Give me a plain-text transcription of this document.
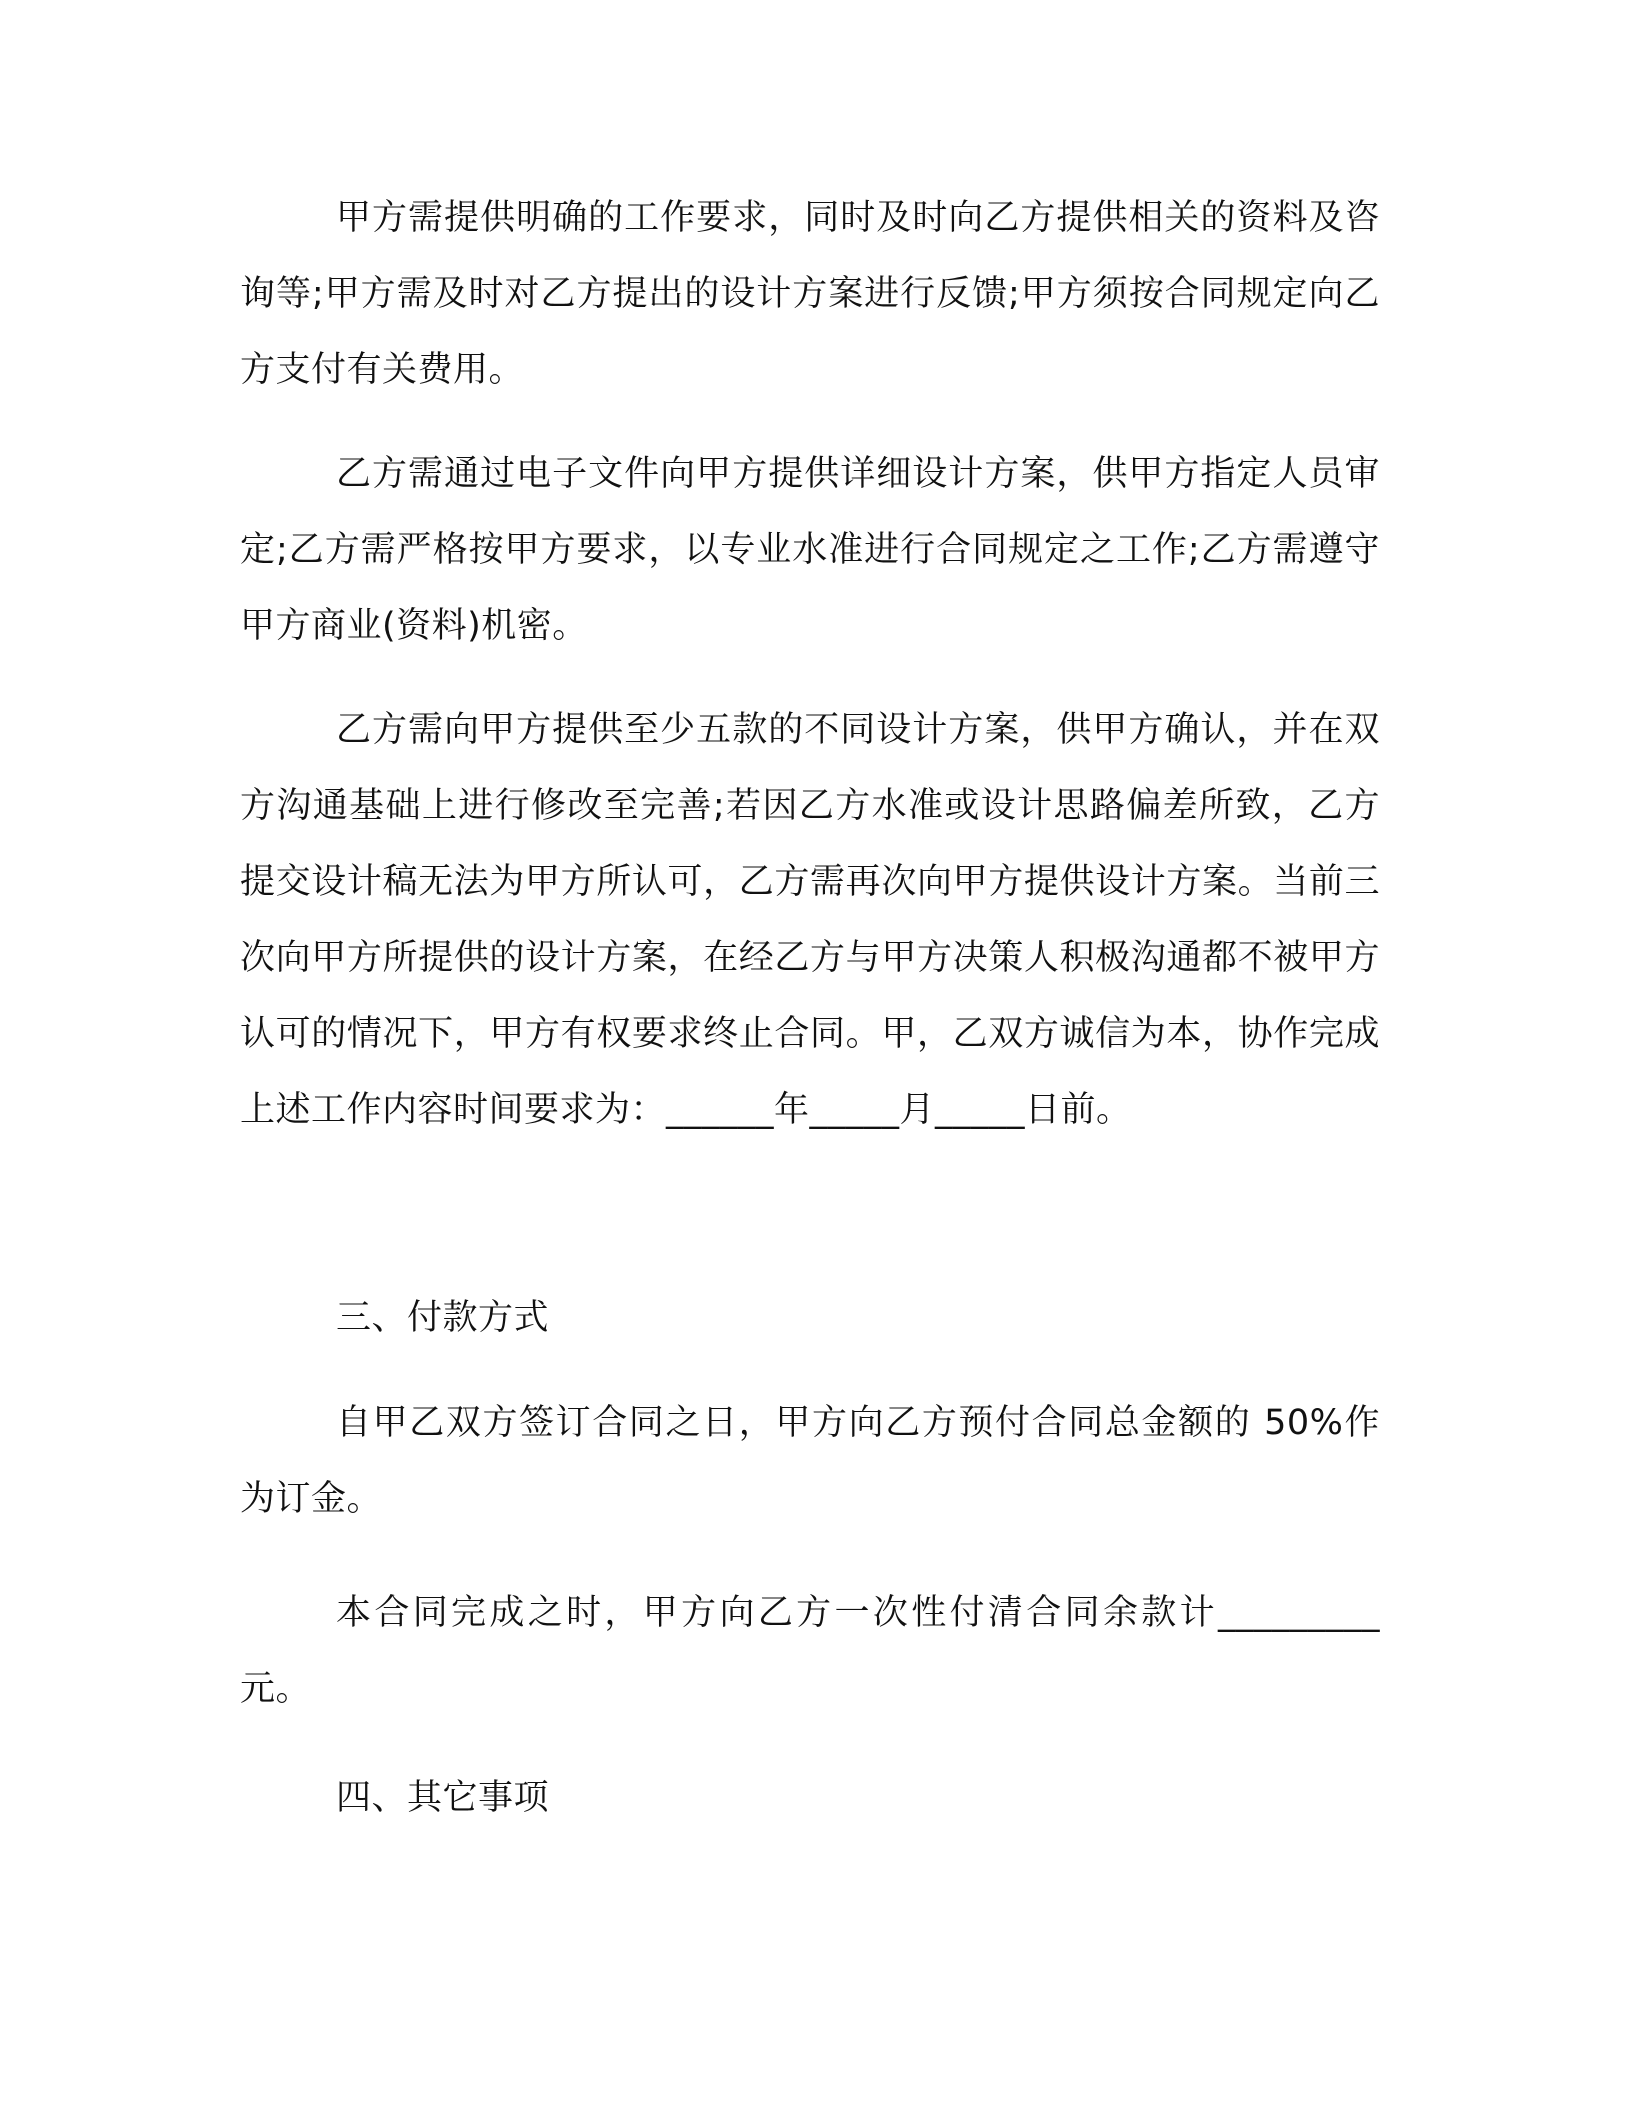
甲方需提供明确的工作要求，同时及时向乙方提供相关的资料及咨询等;甲方需及时对乙方提出的设计方案进行反馈;甲方须按合同规定向乙方支付有关费用。

乙方需通过电子文件向甲方提供详细设计方案，供甲方指定人员审定;乙方需严格按甲方要求，以专业水准进行合同规定之工作;乙方需遵守甲方商业(资料)机密。

乙方需向甲方提供至少五款的不同设计方案，供甲方确认，并在双方沟通基础上进行修改至完善;若因乙方水准或设计思路偏差所致，乙方提交设计稿无法为甲方所认可，乙方需再次向甲方提供设计方案。当前三次向甲方所提供的设计方案，在经乙方与甲方决策人积极沟通都不被甲方认可的情况下，甲方有权要求终止合同。甲，乙双方诚信为本，协作完成上述工作内容时间要求为：______年_____月_____日前。

三、付款方式

自甲乙双方签订合同之日，甲方向乙方预付合同总金额的 50%作为订金。

本合同完成之时，甲方向乙方一次性付清合同余款计_________元。

四、其它事项
